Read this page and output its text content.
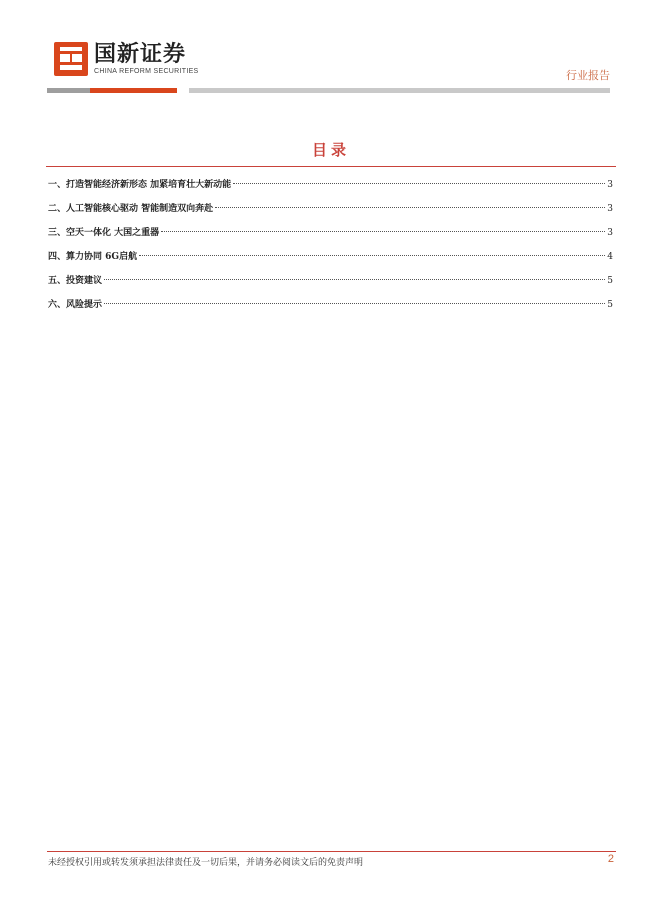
国新证券
CHINA REFORM SECURITIES	行业报告
目录
一、打造智能经济新形态 加紧培育壮大新动能	3
二、人工智能核心驱动 智能制造双向奔赴	3
三、空天一体化 大国之重器	3
四、算力协同 6G启航	4
五、投资建议	5
六、风险提示	5
未经授权引用或转发须承担法律责任及一切后果，并请务必阅读文后的免责声明	2
